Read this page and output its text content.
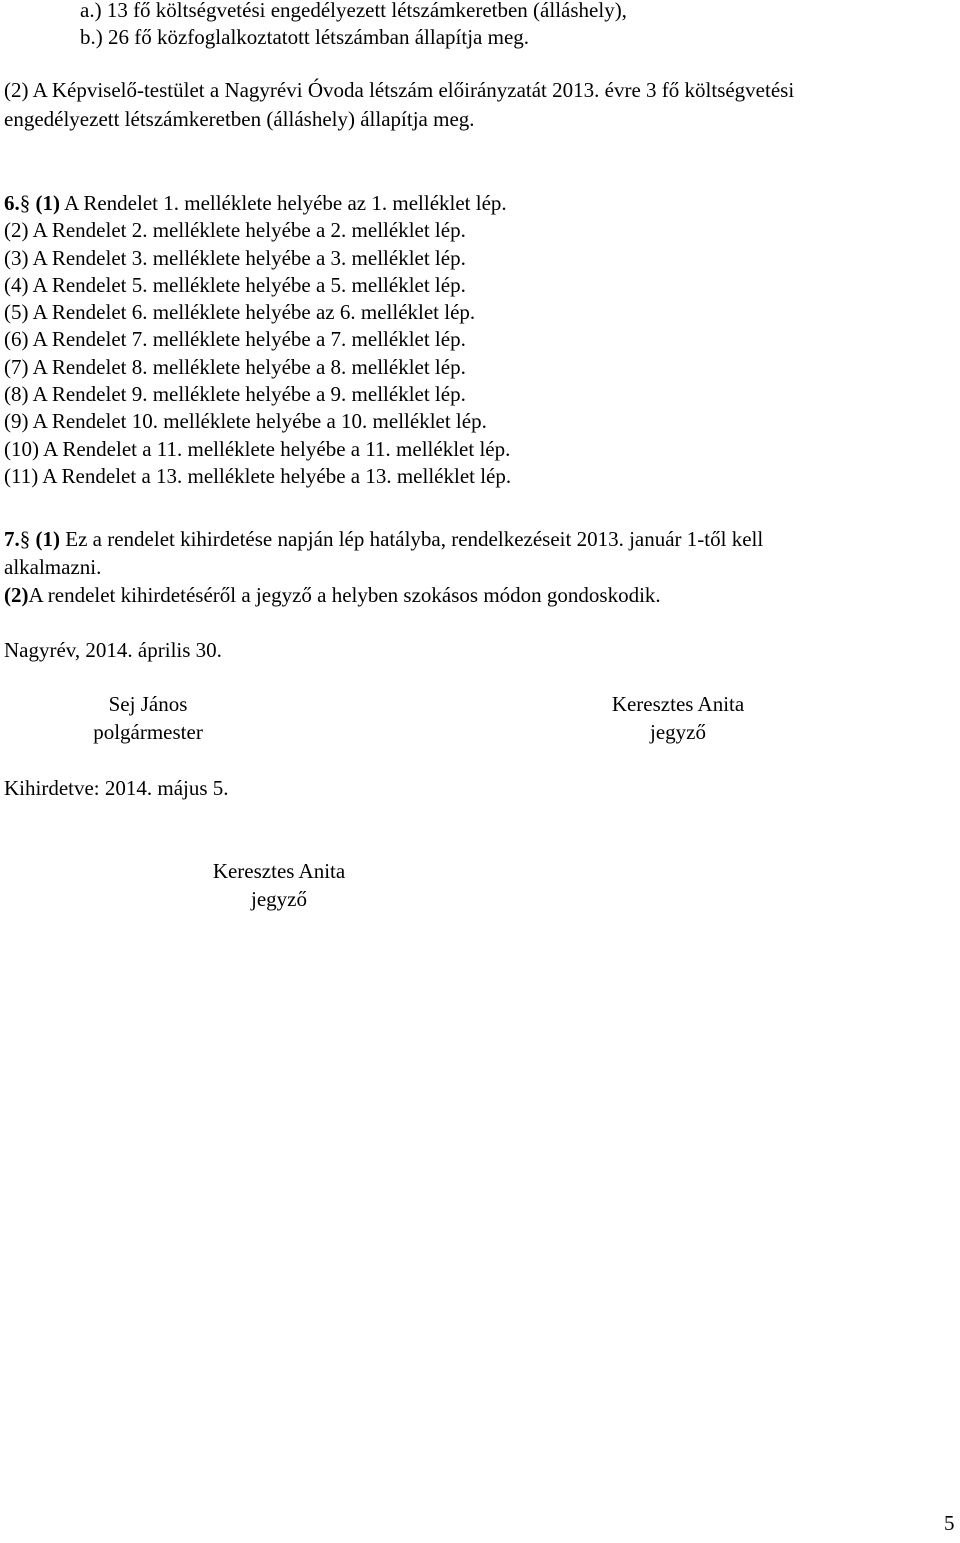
a.) 13 fő költségvetési engedélyezett létszámkeretben (álláshely),
b.) 26 fő közfoglalkoztatott létszámban állapítja meg.
(2) A Képviselő-testület a Nagyrévi Óvoda létszám előirányzatát 2013. évre 3 fő költségvetési
engedélyezett létszámkeretben (álláshely) állapítja meg.
6.§ (1) A Rendelet 1. melléklete helyébe az 1. melléklet lép.
(2) A Rendelet 2. melléklete helyébe a 2. melléklet lép.
(3) A Rendelet 3. melléklete helyébe a 3. melléklet lép.
(4) A Rendelet 5. melléklete helyébe a 5. melléklet lép.
(5) A Rendelet 6. melléklete helyébe az 6. melléklet lép.
(6) A Rendelet 7. melléklete helyébe a 7. melléklet lép.
(7) A Rendelet 8. melléklete helyébe a 8. melléklet lép.
(8) A Rendelet 9. melléklete helyébe a 9. melléklet lép.
(9) A Rendelet 10. melléklete helyébe a 10. melléklet lép.
(10) A Rendelet a 11. melléklete helyébe a 11. melléklet lép.
(11) A Rendelet a 13. melléklete helyébe a 13. melléklet lép.
7.§ (1) Ez a rendelet kihirdetése napján lép hatályba, rendelkezéseit 2013. január 1-től kell
alkalmazni.
(2)A rendelet kihirdetéséről a jegyző a helyben szokásos módon gondoskodik.
Nagyrév, 2014. április 30.
Sej János
polgármester
Keresztes Anita
jegyző
Kihirdetve: 2014. május 5.
Keresztes Anita
jegyző
5
